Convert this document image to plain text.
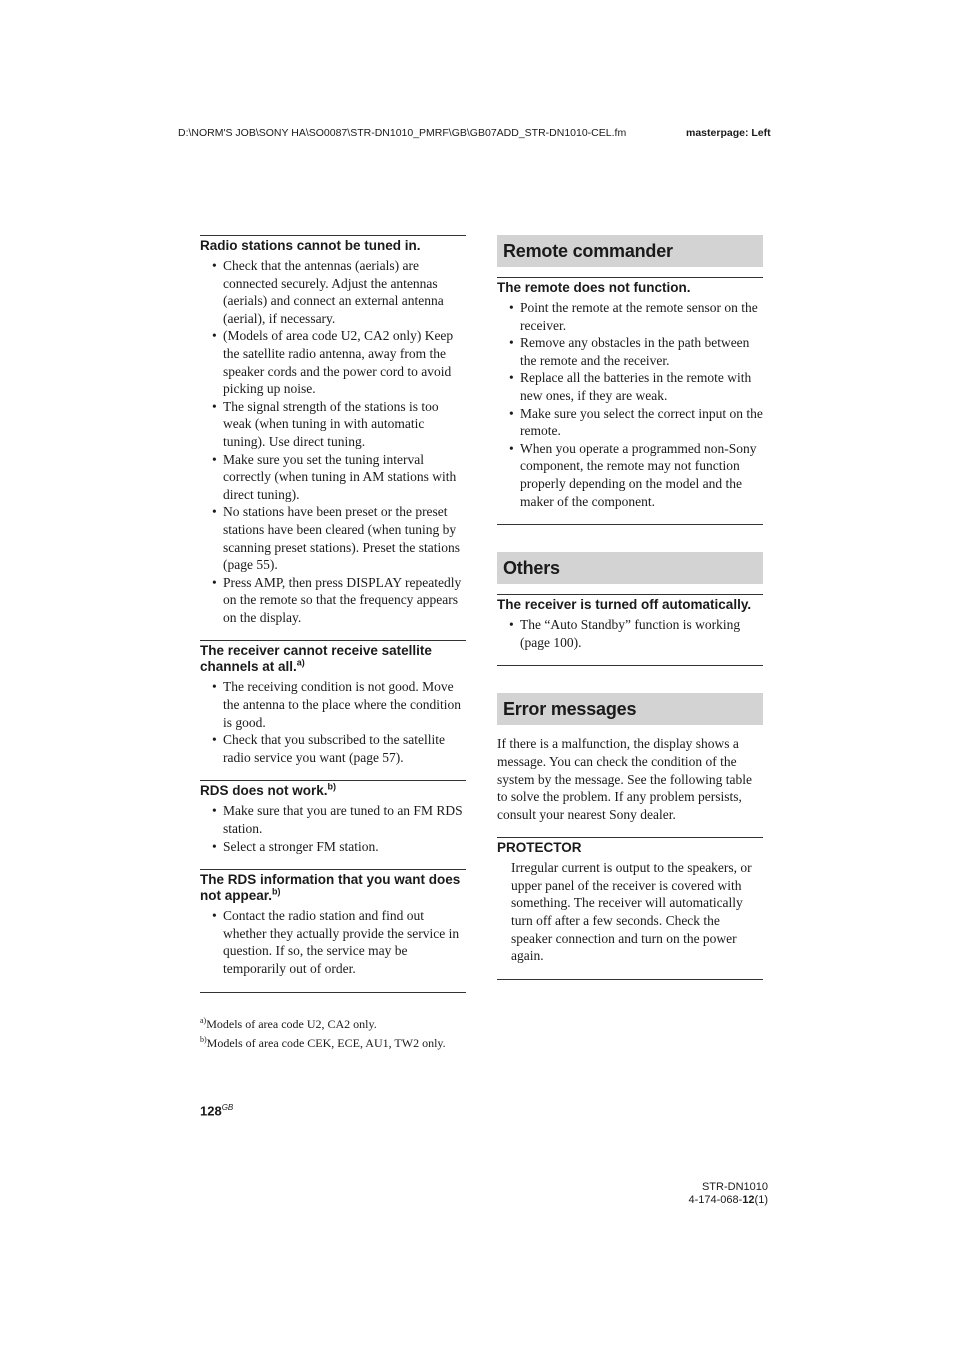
D:\NORM'S JOB\SONY HA\SO0087\STR-DN1010_PMRF\GB\GB07ADD_STR-DN1010-CEL.fm	masterpage: Left
Radio stations cannot be tuned in.
• Check that the antennas (aerials) are connected securely. Adjust the antennas (aerials) and connect an external antenna (aerial), if necessary.
• (Models of area code U2, CA2 only) Keep the satellite radio antenna, away from the speaker cords and the power cord to avoid picking up noise.
• The signal strength of the stations is too weak (when tuning in with automatic tuning). Use direct tuning.
• Make sure you set the tuning interval correctly (when tuning in AM stations with direct tuning).
• No stations have been preset or the preset stations have been cleared (when tuning by scanning preset stations). Preset the stations (page 55).
• Press AMP, then press DISPLAY repeatedly on the remote so that the frequency appears on the display.
The receiver cannot receive satellite channels at all.$^{a)}$
• The receiving condition is not good. Move the antenna to the place where the condition is good.
• Check that you subscribed to the satellite radio service you want (page 57).
RDS does not work.$^{b)}$
• Make sure that you are tuned to an FM RDS station.
• Select a stronger FM station.
The RDS information that you want does not appear.$^{b)}$
• Contact the radio station and find out whether they actually provide the service in question. If so, the service may be temporarily out of order.
$^{a)}$Models of area code U2, CA2 only.
$^{b)}$Models of area code CEK, ECE, AU1, TW2 only.
Remote commander
The remote does not function.
• Point the remote at the remote sensor on the receiver.
• Remove any obstacles in the path between the remote and the receiver.
• Replace all the batteries in the remote with new ones, if they are weak.
• Make sure you select the correct input on the remote.
• When you operate a programmed non-Sony component, the remote may not function properly depending on the model and the maker of the component.
Others
The receiver is turned off automatically.
• The “Auto Standby” function is working (page 100).
Error messages
If there is a malfunction, the display shows a message. You can check the condition of the system by the message. See the following table to solve the problem. If any problem persists, consult your nearest Sony dealer.
PROTECTOR
Irregular current is output to the speakers, or upper panel of the receiver is covered with something. The receiver will automatically turn off after a few seconds. Check the speaker connection and turn on the power again.
$128^{GB}$
STR-DN1010
4-174-068-12(1)
